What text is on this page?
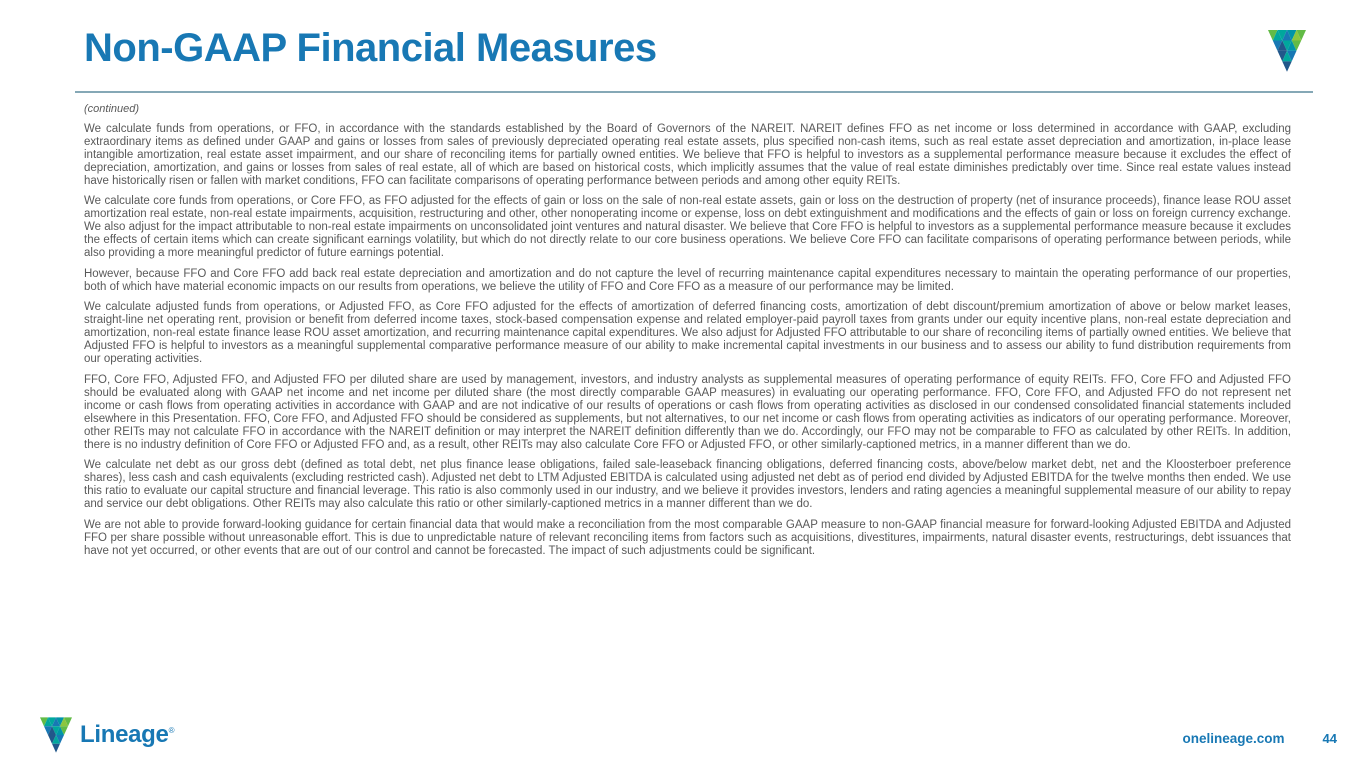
Non-GAAP Financial Measures

(continued)

We calculate funds from operations, or FFO, in accordance with the standards established by the Board of Governors of the NAREIT. NAREIT defines FFO as net income or loss determined in accordance with GAAP, excluding extraordinary items as defined under GAAP and gains or losses from sales of previously depreciated operating real estate assets, plus specified non-cash items, such as real estate asset depreciation and amortization, in-place lease intangible amortization, real estate asset impairment, and our share of reconciling items for partially owned entities. We believe that FFO is helpful to investors as a supplemental performance measure because it excludes the effect of depreciation, amortization, and gains or losses from sales of real estate, all of which are based on historical costs, which implicitly assumes that the value of real estate diminishes predictably over time. Since real estate values instead have historically risen or fallen with market conditions, FFO can facilitate comparisons of operating performance between periods and among other equity REITs.

We calculate core funds from operations, or Core FFO, as FFO adjusted for the effects of gain or loss on the sale of non-real estate assets, gain or loss on the destruction of property (net of insurance proceeds), finance lease ROU asset amortization real estate, non-real estate impairments, acquisition, restructuring and other, other nonoperating income or expense, loss on debt extinguishment and modifications and the effects of gain or loss on foreign currency exchange. We also adjust for the impact attributable to non-real estate impairments on unconsolidated joint ventures and natural disaster. We believe that Core FFO is helpful to investors as a supplemental performance measure because it excludes the effects of certain items which can create significant earnings volatility, but which do not directly relate to our core business operations. We believe Core FFO can facilitate comparisons of operating performance between periods, while also providing a more meaningful predictor of future earnings potential.

However, because FFO and Core FFO add back real estate depreciation and amortization and do not capture the level of recurring maintenance capital expenditures necessary to maintain the operating performance of our properties, both of which have material economic impacts on our results from operations, we believe the utility of FFO and Core FFO as a measure of our performance may be limited.

We calculate adjusted funds from operations, or Adjusted FFO, as Core FFO adjusted for the effects of amortization of deferred financing costs, amortization of debt discount/premium amortization of above or below market leases, straight-line net operating rent, provision or benefit from deferred income taxes, stock-based compensation expense and related employer-paid payroll taxes from grants under our equity incentive plans, non-real estate depreciation and amortization, non-real estate finance lease ROU asset amortization, and recurring maintenance capital expenditures. We also adjust for Adjusted FFO attributable to our share of reconciling items of partially owned entities. We believe that Adjusted FFO is helpful to investors as a meaningful supplemental comparative performance measure of our ability to make incremental capital investments in our business and to assess our ability to fund distribution requirements from our operating activities.

FFO, Core FFO, Adjusted FFO, and Adjusted FFO per diluted share are used by management, investors, and industry analysts as supplemental measures of operating performance of equity REITs. FFO, Core FFO and Adjusted FFO should be evaluated along with GAAP net income and net income per diluted share (the most directly comparable GAAP measures) in evaluating our operating performance. FFO, Core FFO, and Adjusted FFO do not represent net income or cash flows from operating activities in accordance with GAAP and are not indicative of our results of operations or cash flows from operating activities as disclosed in our condensed consolidated financial statements included elsewhere in this Presentation. FFO, Core FFO, and Adjusted FFO should be considered as supplements, but not alternatives, to our net income or cash flows from operating activities as indicators of our operating performance. Moreover, other REITs may not calculate FFO in accordance with the NAREIT definition or may interpret the NAREIT definition differently than we do. Accordingly, our FFO may not be comparable to FFO as calculated by other REITs. In addition, there is no industry definition of Core FFO or Adjusted FFO and, as a result, other REITs may also calculate Core FFO or Adjusted FFO, or other similarly-captioned metrics, in a manner different than we do.

We calculate net debt as our gross debt (defined as total debt, net plus finance lease obligations, failed sale-leaseback financing obligations, deferred financing costs, above/below market debt, net and the Kloosterboer preference shares), less cash and cash equivalents (excluding restricted cash). Adjusted net debt to LTM Adjusted EBITDA is calculated using adjusted net debt as of period end divided by Adjusted EBITDA for the twelve months then ended. We use this ratio to evaluate our capital structure and financial leverage. This ratio is also commonly used in our industry, and we believe it provides investors, lenders and rating agencies a meaningful supplemental measure of our ability to repay and service our debt obligations. Other REITs may also calculate this ratio or other similarly-captioned metrics in a manner different than we do.

We are not able to provide forward-looking guidance for certain financial data that would make a reconciliation from the most comparable GAAP measure to non-GAAP financial measure for forward-looking Adjusted EBITDA and Adjusted FFO per share possible without unreasonable effort. This is due to unpredictable nature of relevant reconciling items from factors such as acquisitions, divestitures, impairments, natural disaster events, restructurings, debt issuances that have not yet occurred, or other events that are out of our control and cannot be forecasted. The impact of such adjustments could be significant.

Lineage®
onelineage.com	44
